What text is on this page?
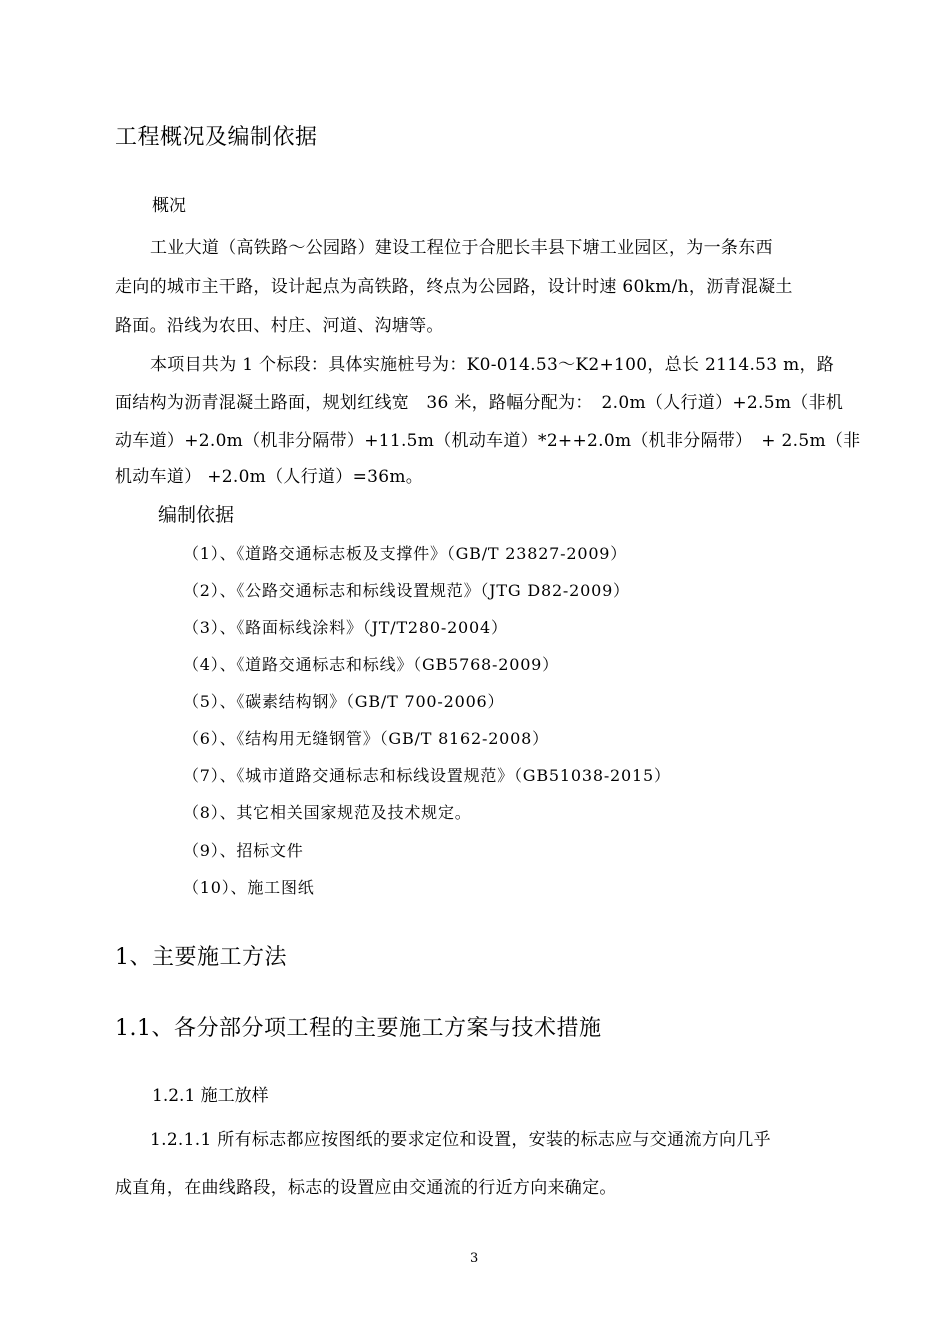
工程概况及编制依据
概况
工业大道（高铁路～公园路）建设工程位于合肥长丰县下塘工业园区，为一条东西
走向的城市主干路，设计起点为高铁路，终点为公园路，设计时速 60km/h，沥青混凝土
路面。沿线为农田、村庄、河道、沟塘等。
本项目共为 1 个标段：具体实施桩号为：K0-014.53～K2+100，总长 2114.53 m，路
面结构为沥青混凝土路面，规划红线宽　36 米，路幅分配为：　2.0m（人行道）+2.5m（非机
动车道）+2.0m（机非分隔带）+11.5m（机动车道）*2++2.0m（机非分隔带）　+ 2.5m（非
机动车道） +2.0m（人行道）=36m。
编制依据
（1）、《道路交通标志板及支撑件》（GB/T 23827-2009）
（2）、《公路交通标志和标线设置规范》（JTG D82-2009）
（3）、《路面标线涂料》（JT/T280-2004）
（4）、《道路交通标志和标线》（GB5768-2009）
（5）、《碳素结构钢》（GB/T 700-2006）
（6）、《结构用无缝钢管》（GB/T 8162-2008）
（7）、《城市道路交通标志和标线设置规范》（GB51038-2015）
（8）、其它相关国家规范及技术规定。
（9）、招标文件
（10）、施工图纸
1、主要施工方法
1.1、各分部分项工程的主要施工方案与技术措施
1.2.1 施工放样
1.2.1.1 所有标志都应按图纸的要求定位和设置，安装的标志应与交通流方向几乎
成直角，在曲线路段，标志的设置应由交通流的行近方向来确定。
3
